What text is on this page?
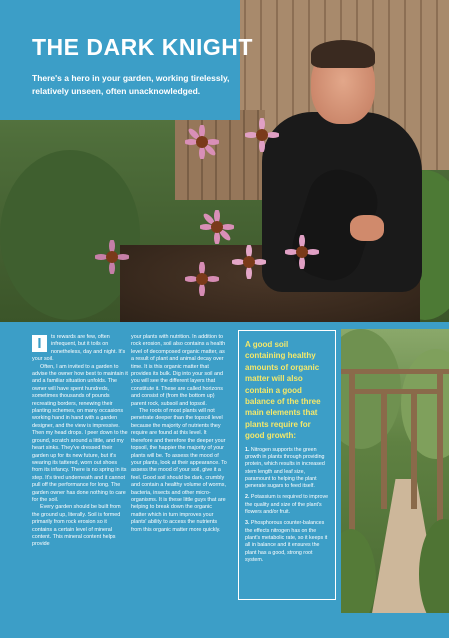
THE DARK KNIGHT

There's a hero in your garden, working tirelessly, relatively unseen, often unacknowledged.

I	ts rewards are few, often infrequent, but it toils on nonetheless, day and night. It's your soil.

Often, I am invited to a garden to advise the owner how best to maintain it and a familiar situation unfolds. The owner will have spent hundreds, sometimes thousands of pounds recreating borders, renewing their planting schemes, on many occasions working hand in hand with a garden designer, and the view is impressive. Then my head drops. I peer down to the ground, scratch around a little, and my heart sinks. They've dressed their garden up for its new future, but it's wearing its tattered, worn out shoes from its infancy. There is no spring in its step. It's tired underneath and it cannot pull off the performance for long. The garden owner has done nothing to care for the soil.

Every garden should be built from the ground up, literally. Soil is formed primarily from rock erosion so it contains a certain level of mineral content. This mineral content helps provide

your plants with nutrition. In addition to rock erosion, soil also contains a health level of decomposed organic matter, as a result of plant and animal decay over time. It is this organic matter that provides its bulk. Dig into your soil and you will see the different layers that constitute it. These are called horizons and consist of (from the bottom up) parent rock, subsoil and topsoil.

The roots of most plants will not penetrate deeper than the topsoil level because the majority of nutrients they require are found at this level. It therefore and therefore the deeper your topsoil, the happier the majority of your plants will be. To assess the mood of your plants, look at their appearance. To assess the mood of your soil, give it a feel. Good soil should be dark, crumbly and contain a healthy volume of worms, bacteria, insects and other micro-organisms. It is these little guys that are helping to break down the organic matter which in turn improves your plants' ability to access the nutrients from this organic matter more quickly.

A good soil containing healthy amounts of organic matter will also contain a good balance of the three main elements that plants require for good growth:

1. Nitrogen supports the green growth in plants through providing protein, which results in increased stem length and leaf size, paramount to helping the plant generate sugars to feed itself.

2. Potassium is required to improve the quality and size of the plant's flowers and/or fruit.

3. Phosphorous counter-balances the effects nitrogen has on the plant's metabolic rate, so it keeps it all in balance and it ensures the plant has a good, strong root system.
